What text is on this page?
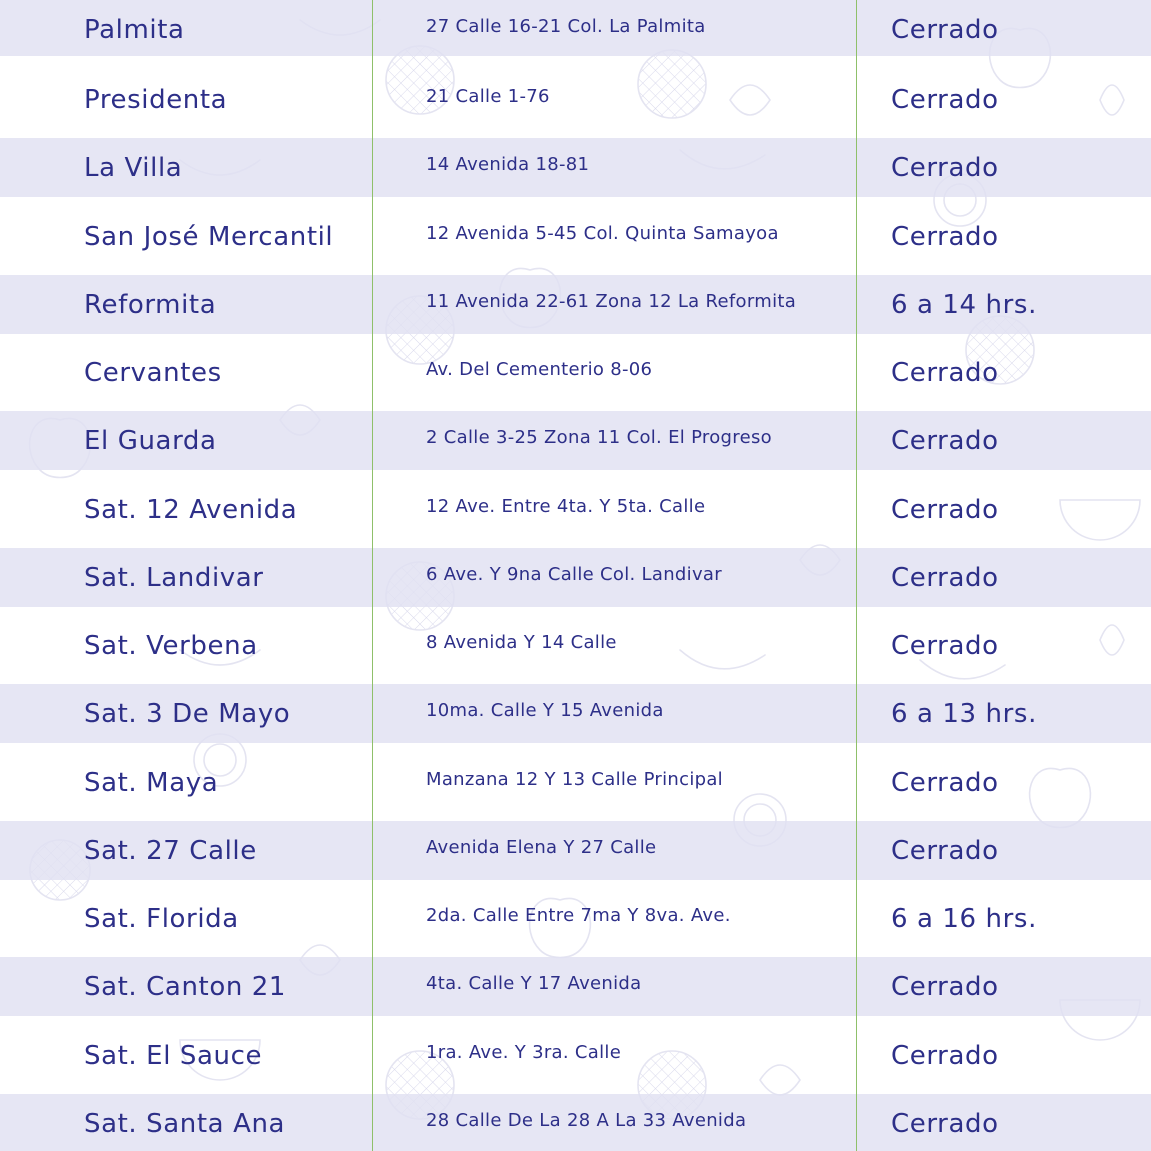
Palmita	27 Calle 16-21 Col. La Palmita	Cerrado
Presidenta	21 Calle 1-76	Cerrado
La Villa	14 Avenida 18-81	Cerrado
San José Mercantil	12 Avenida 5-45 Col. Quinta Samayoa	Cerrado
Reformita	11 Avenida 22-61 Zona 12 La Reformita	6 a 14 hrs.
Cervantes	Av. Del Cementerio 8-06	Cerrado
El Guarda	2 Calle 3-25 Zona 11 Col. El Progreso	Cerrado
Sat. 12 Avenida	12 Ave. Entre 4ta. Y 5ta. Calle	Cerrado
Sat. Landivar	6 Ave. Y 9na Calle Col. Landivar	Cerrado
Sat. Verbena	8 Avenida Y 14 Calle	Cerrado
Sat. 3 De Mayo	10ma. Calle Y 15 Avenida	6 a 13 hrs.
Sat. Maya	Manzana 12 Y 13 Calle Principal	Cerrado
Sat. 27 Calle	Avenida Elena Y 27 Calle	Cerrado
Sat. Florida	2da. Calle Entre 7ma Y 8va. Ave.	6 a 16 hrs.
Sat. Canton 21	4ta. Calle Y 17 Avenida	Cerrado
Sat. El Sauce	1ra. Ave. Y 3ra. Calle	Cerrado
Sat. Santa Ana	28 Calle De La 28 A La 33 Avenida	Cerrado
